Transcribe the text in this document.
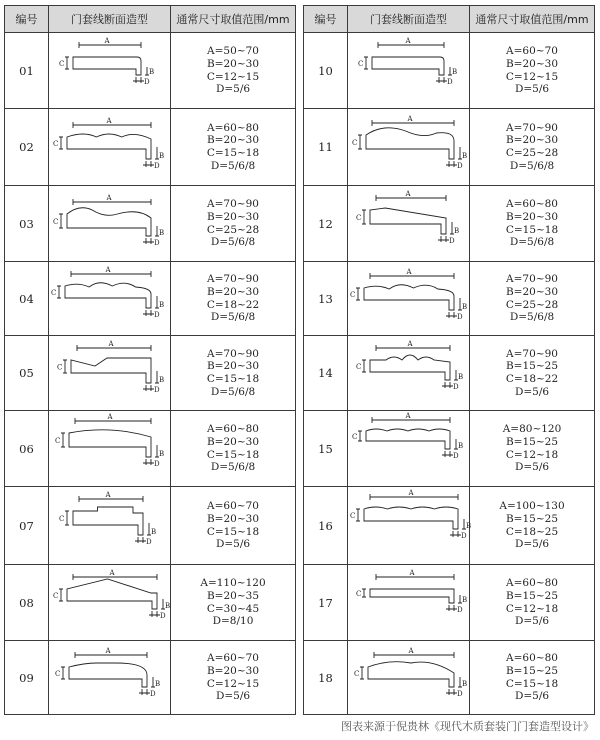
编号	门套线断面造型	通常尺寸取值范围/mm
01	A
C
B
D	A=50~70
B=20~30
C=12~15
D=5/6

02	A
C
B
D	A=60~80
B=20~30
C=15~18
D=5/6/8

03	A
C
B
D	A=70~90
B=20~30
C=25~28
D=5/6/8

04	A
C
B
D	A=70~90
B=20~30
C=18~22
D=5/6/8

05	A
C
B
D	A=70~90
B=20~30
C=15~18
D=5/6/8

06	A
C
B
D	A=60~80
B=20~30
C=15~18
D=5/6/8

07	A
C
B
D	A=60~70
B=20~30
C=15~18
D=5/6

08	A
C
B
D	A=110~120
B=20~35
C=30~45
D=8/10

09	A
C
B
D	A=60~70
B=20~30
C=12~15
D=5/6
编号	门套线断面造型	通常尺寸取值范围/mm
10	A
C
B
D	A=60~70
B=20~30
C=12~15
D=5/6

11	A
C
B
D	A=70~90
B=20~30
C=25~28
D=5/6/8

12	A
C
B
D	A=60~80
B=20~30
C=15~18
D=5/6/8

13	A
C
B
D	A=70~90
B=20~30
C=25~28
D=5/6/8

14	A
C
B
D	A=70~90
B=15~25
C=18~22
D=5/6

15	A
C
B
D	A=80~120
B=15~25
C=12~18
D=5/6

16	A
C
B
D	A=100~130
B=15~25
C=18~25
D=5/6

17	A
C
B
D	A=60~80
B=15~25
C=12~18
D=5/6

18	A
C
B
D	A=60~80
B=15~25
C=15~18
D=5/6
图表来源于倪贵林《现代木质套装门门套造型设计》
